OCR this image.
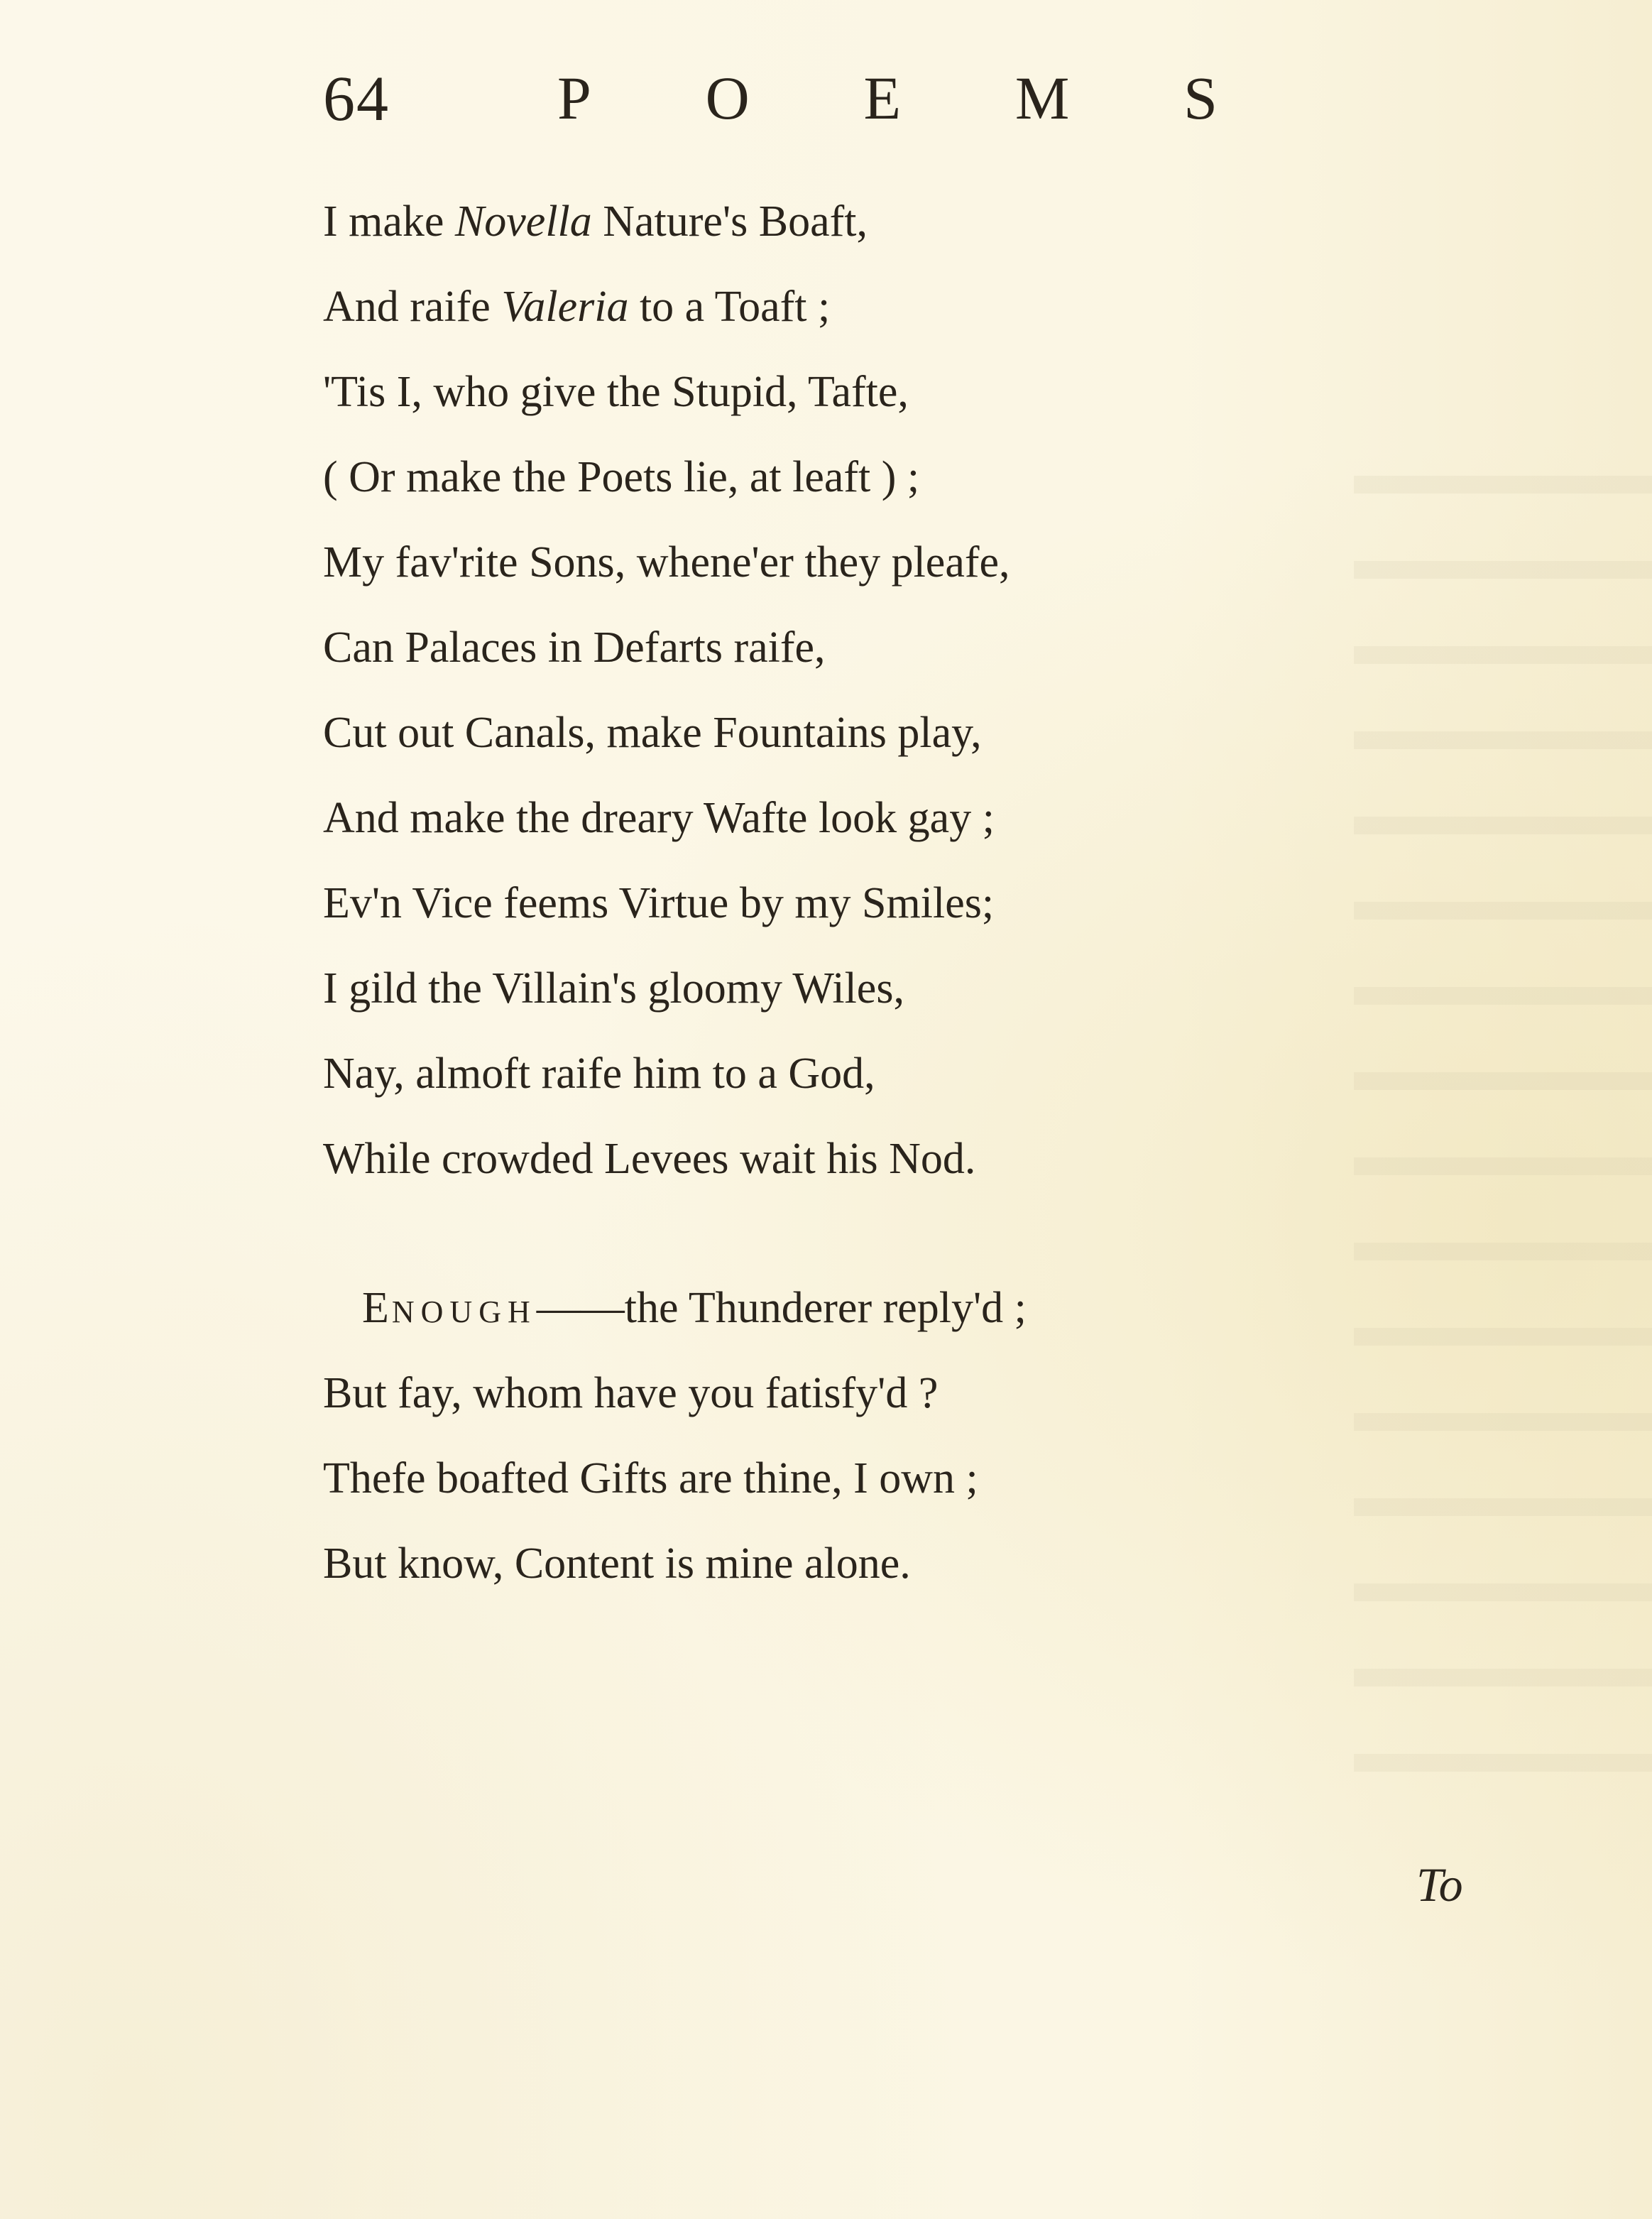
64	P O E M S
I make Novella Nature's Boaft,
And raife Valeria to a Toaft ;
'Tis I, who give the Stupid, Tafte,
( Or make the Poets lie, at leaft ) ;
My fav'rite Sons, whene'er they pleafe,
Can Palaces in Defarts raife,
Cut out Canals, make Fountains play,
And make the dreary Wafte look gay ;
Ev'n Vice feems Virtue by my Smiles;
I gild the Villain's gloomy Wiles,
Nay, almoft raife him to a God,
While crowded Levees wait his Nod.
ENOUGH——the Thunderer reply'd ;
But fay, whom have you fatisfy'd ?
Thefe boafted Gifts are thine, I own ;
But know, Content is mine alone.
To
